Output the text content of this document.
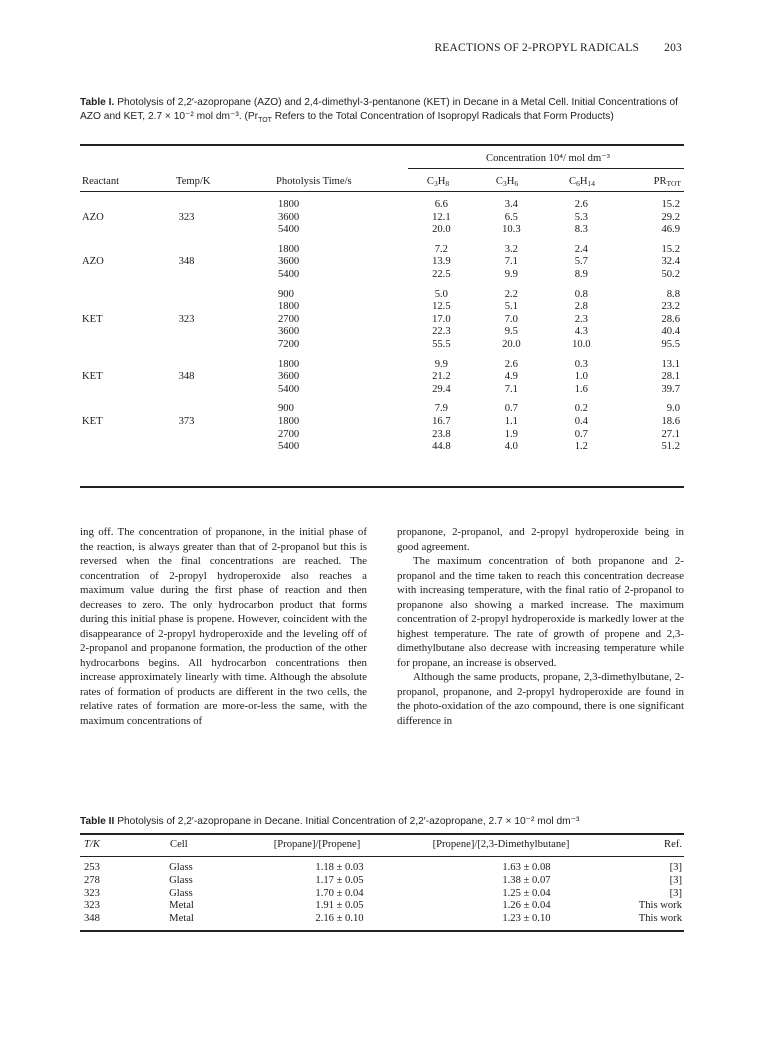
REACTIONS OF 2-PROPYL RADICALS 203
Table I. Photolysis of 2,2′-azopropane (AZO) and 2,4-dimethyl-3-pentanone (KET) in Decane in a Metal Cell. Initial Concentrations of AZO and KET, 2.7 × 10⁻² mol dm⁻³. ($Pr_{TOT}$ Refers to the Total Concentration of Isopropyl Radicals that Form Products)
Concentration 10⁴/ mol dm⁻³
Reactant	Temp/K	Photolysis Time/s	$C_3H_8$	$C_3H_6$	$C_6H_{14}$	$PR_{TOT}$
		1800	6.6	3.4	2.6	15.2
AZO	323	3600	12.1	6.5	5.3	29.2
		5400	20.0	10.3	8.3	46.9

		1800	7.2	3.2	2.4	15.2
AZO	348	3600	13.9	7.1	5.7	32.4
		5400	22.5	9.9	8.9	50.2

		900	5.0	2.2	0.8	8.8
		1800	12.5	5.1	2.8	23.2
KET	323	2700	17.0	7.0	2.3	28.6
		3600	22.3	9.5	4.3	40.4
		7200	55.5	20.0	10.0	95.5

		1800	9.9	2.6	0.3	13.1
KET	348	3600	21.2	4.9	1.0	28.1
		5400	29.4	7.1	1.6	39.7

		900	7.9	0.7	0.2	9.0
KET	373	1800	16.7	1.1	0.4	18.6
		2700	23.8	1.9	0.7	27.1
		5400	44.8	4.0	1.2	51.2

ing off. The concentration of propanone, in the initial phase of the reaction, is always greater than that of 2-propanol but this is reversed when the final concentrations are reached. The concentration of 2-propyl hydroperoxide also reaches a maximum value during the first phase of reaction and then decreases to zero. The only hydrocarbon product that forms during this initial phase is propene. However, coincident with the disappearance of 2-propyl hydroperoxide and the leveling off of 2-propanol and propanone formation, the production of the other hydrocarbons begins. All hydrocarbon concentrations then increase approximately linearly with time. Although the absolute rates of formation of products are different in the two cells, the relative rates of formation are more-or-less the same, with the maximum concentrations of

propanone, 2-propanol, and 2-propyl hydroperoxide being in good agreement.

The maximum concentration of both propanone and 2-propanol and the time taken to reach this concentration decrease with increasing temperature, with the final ratio of 2-propanol to propanone also showing a marked increase. The maximum concentration of 2-propyl hydroperoxide is markedly lower at the highest temperature. The rate of growth of propene and 2,3-dimethylbutane also decrease with increasing temperature while for propane, an increase is observed.

Although the same products, propane, 2,3-dimethylbutane, 2-propanol, propanone, and 2-propyl hydroperoxide are found in the photo-oxidation of the azo compound, there is one significant difference in

Table II Photolysis of 2,2′-azopropane in Decane. Initial Concentration of 2,2′-azopropane, 2.7 × 10⁻² mol dm⁻³
T/K	Cell	[Propane]/[Propene]	[Propene]/[2,3-Dimethylbutane]	Ref.
253	Glass	1.18 ± 0.03	1.63 ± 0.08	[3]
278	Glass	1.17 ± 0.05	1.38 ± 0.07	[3]
323	Glass	1.70 ± 0.04	1.25 ± 0.04	[3]
323	Metal	1.91 ± 0.05	1.26 ± 0.04	This work
348	Metal	2.16 ± 0.10	1.23 ± 0.10	This work
